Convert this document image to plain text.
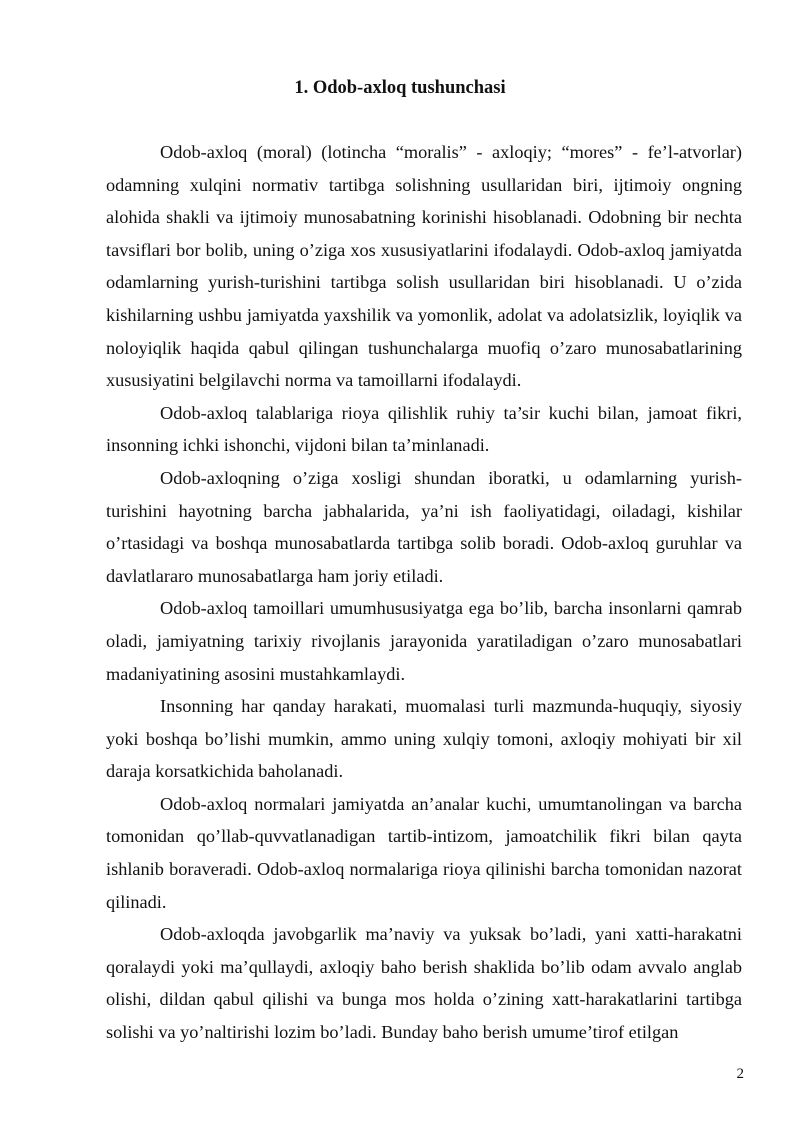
1. Odob-axloq tushunchasi

Odob-axloq (moral) (lotincha “moralis” - axloqiy; “mores” - fe’l-atvorlar) odamning xulqini normativ tartibga solishning usullaridan biri, ijtimoiy ongning alohida shakli va ijtimoiy munosabatning korinishi hisoblanadi. Odobning bir nechta tavsiflari bor bolib, uning o’ziga xos xususiyatlarini ifodalaydi. Odob-axloq jamiyatda odamlarning yurish-turishini tartibga solish usullaridan biri hisoblanadi. U o’zida kishilarning ushbu jamiyatda yaxshilik va yomonlik, adolat va adolatsizlik, loyiqlik va noloyiqlik haqida qabul qilingan tushunchalarga muofiq o’zaro munosabatlarining xususiyatini belgilavchi norma va tamoillarni ifodalaydi.

Odob-axloq talablariga rioya qilishlik ruhiy ta’sir kuchi bilan, jamoat fikri, insonning ichki ishonchi, vijdoni bilan ta’minlanadi.

Odob-axloqning o’ziga xosligi shundan iboratki, u odamlarning yurish-turishini hayotning barcha jabhalarida, ya’ni ish faoliyatidagi, oiladagi, kishilar o’rtasidagi va boshqa munosabatlarda tartibga solib boradi. Odob-axloq guruhlar va davlatlararo munosabatlarga ham joriy etiladi.

Odob-axloq tamoillari umumhususiyatga ega bo’lib, barcha insonlarni qamrab oladi, jamiyatning tarixiy rivojlanis jarayonida yaratiladigan o’zaro munosabatlari madaniyatining asosini mustahkamlaydi.

Insonning har qanday harakati, muomalasi turli mazmunda-huquqiy, siyosiy yoki boshqa bo’lishi mumkin, ammo uning xulqiy tomoni, axloqiy mohiyati bir xil daraja korsatkichida baholanadi.

Odob-axloq normalari jamiyatda an’analar kuchi, umumtanolingan va barcha tomonidan qo’llab-quvvatlanadigan tartib-intizom, jamoatchilik fikri bilan qayta ishlanib boraveradi. Odob-axloq normalariga rioya qilinishi barcha tomonidan nazorat qilinadi.

Odob-axloqda javobgarlik ma’naviy va yuksak bo’ladi, yani xatti-harakatni qoralaydi yoki ma’qullaydi, axloqiy baho berish shaklida bo’lib odam avvalo anglab olishi, dildan qabul qilishi va bunga mos holda o’zining xatt-harakatlarini tartibga solishi va yo’naltirishi lozim bo’ladi. Bunday baho berish umume’tirof etilgan

2
